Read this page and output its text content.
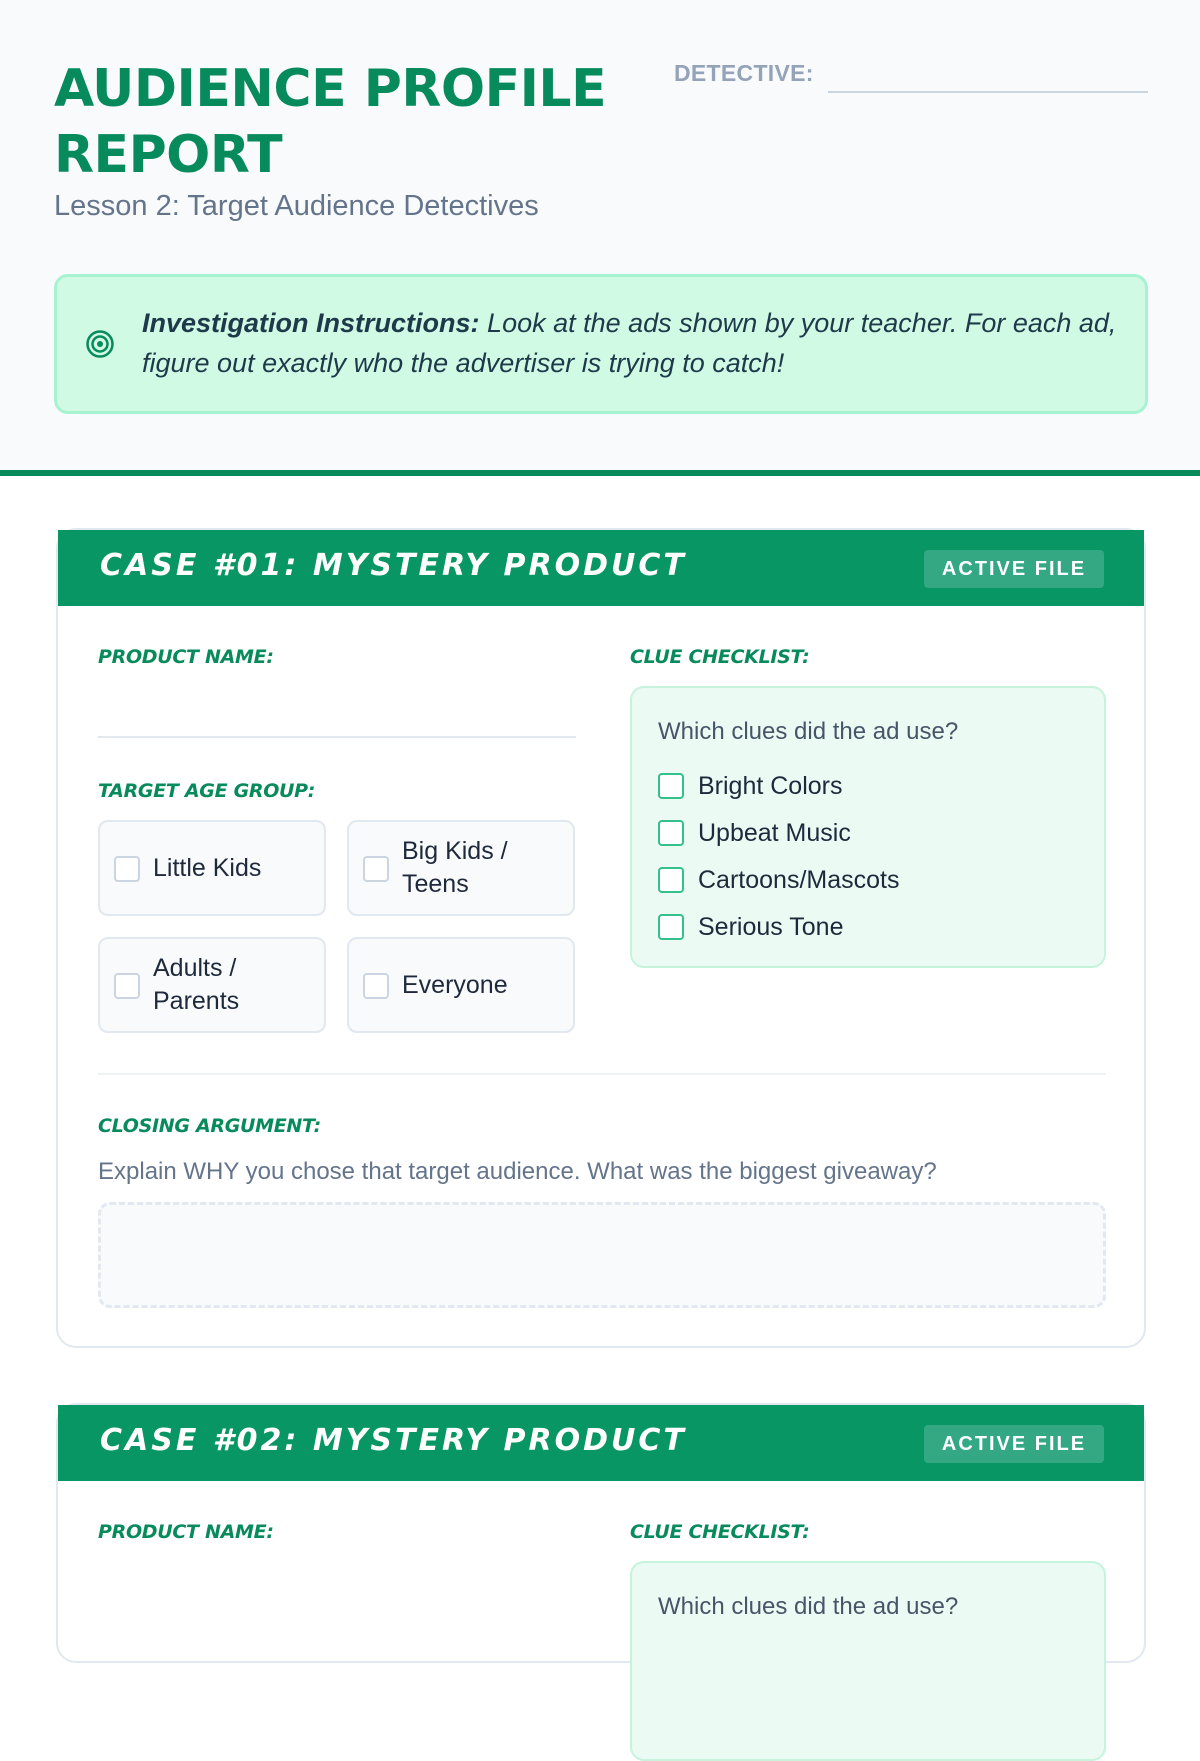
AUDIENCE PROFILE REPORT
Lesson 2: Target Audience Detectives
DETECTIVE:
Investigation Instructions: Look at the ads shown by your teacher. For each ad, figure out exactly who the advertiser is trying to catch!
CASE #01: MYSTERY PRODUCT	ACTIVE FILE
PRODUCT NAME:
TARGET AGE GROUP:
Little Kids
Big Kids / Teens
Adults / Parents
Everyone
CLUE CHECKLIST:
Which clues did the ad use?
Bright Colors
Upbeat Music
Cartoons/Mascots
Serious Tone
CLOSING ARGUMENT:
Explain WHY you chose that target audience. What was the biggest giveaway?
CASE #02: MYSTERY PRODUCT	ACTIVE FILE
PRODUCT NAME:	CLUE CHECKLIST:
Which clues did the ad use?
